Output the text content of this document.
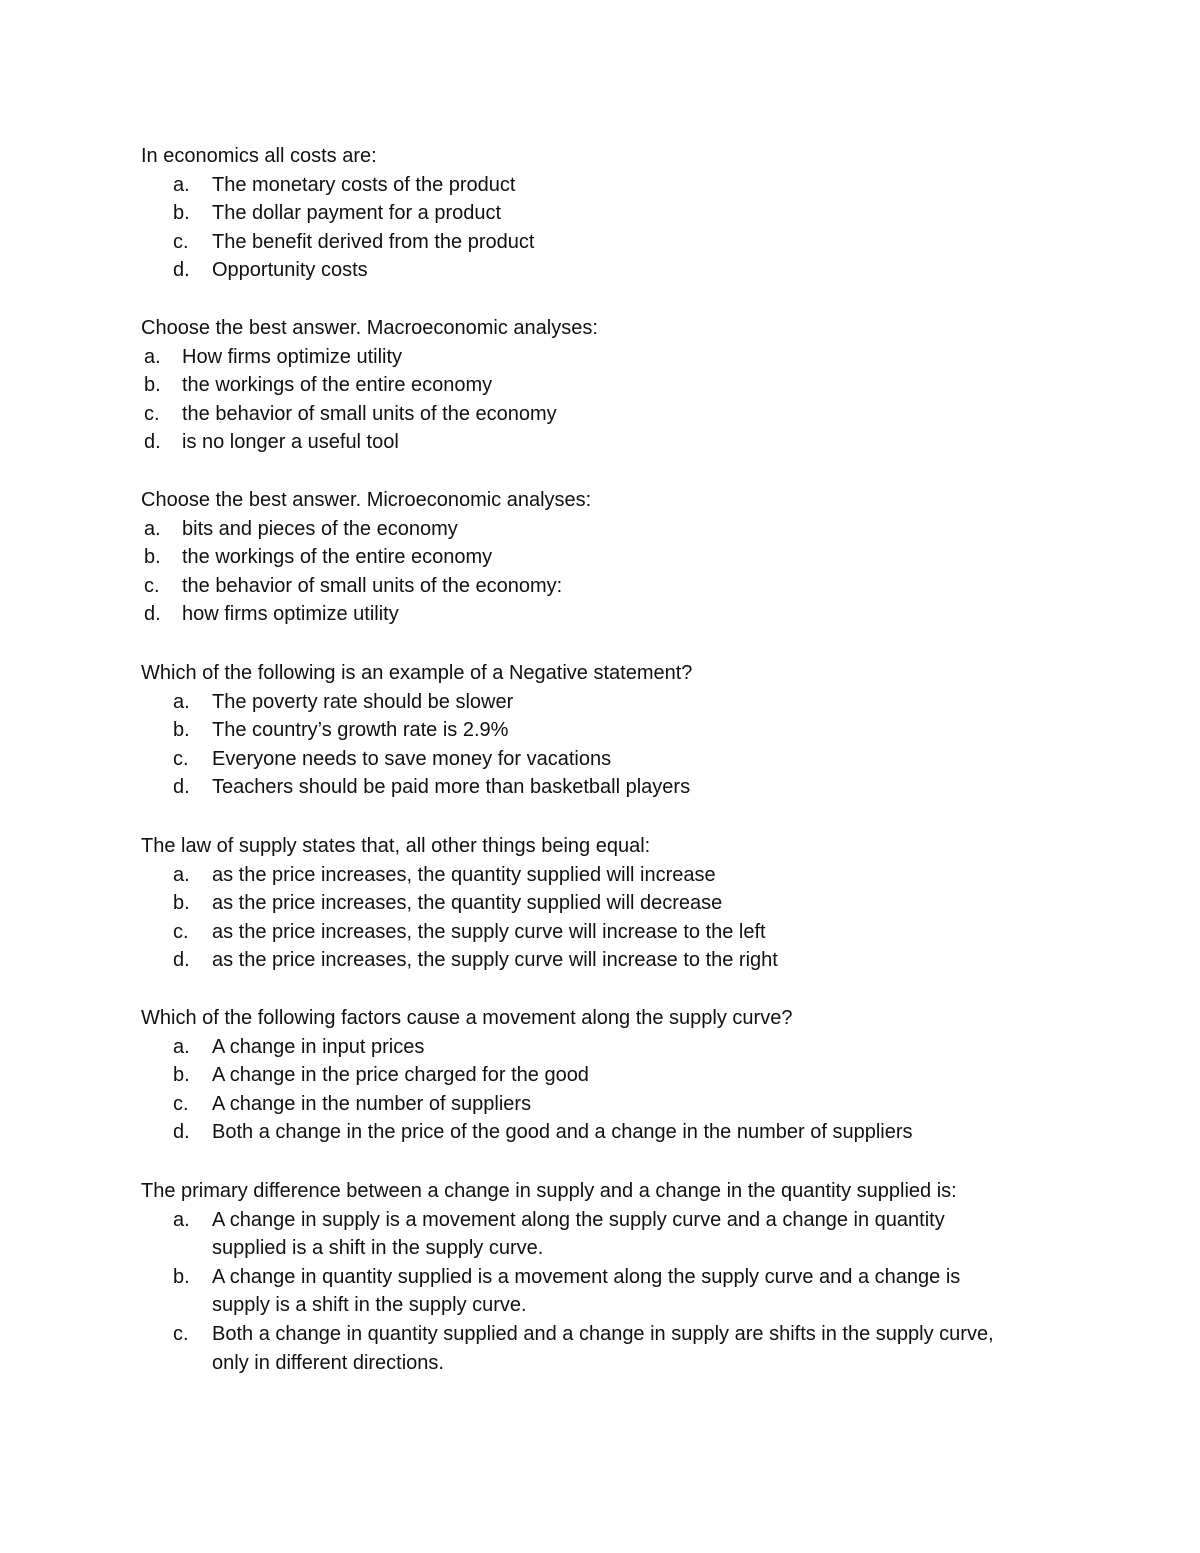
In economics all costs are:

a. The monetary costs of the product
b. The dollar payment for a product
c. The benefit derived from the product
d. Opportunity costs

Choose the best answer. Macroeconomic analyses:

a. How firms optimize utility
b. the workings of the entire economy
c. the behavior of small units of the economy
d. is no longer a useful tool

Choose the best answer. Microeconomic analyses:

a. bits and pieces of the economy
b. the workings of the entire economy
c. the behavior of small units of the economy:
d. how firms optimize utility

Which of the following is an example of a Negative statement?

a. The poverty rate should be slower
b. The country’s growth rate is 2.9%
c. Everyone needs to save money for vacations
d. Teachers should be paid more than basketball players

The law of supply states that, all other things being equal:

a. as the price increases, the quantity supplied will increase
b. as the price increases, the quantity supplied will decrease
c. as the price increases, the supply curve will increase to the left
d. as the price increases, the supply curve will increase to the right

Which of the following factors cause a movement along the supply curve?

a. A change in input prices
b. A change in the price charged for the good
c. A change in the number of suppliers
d. Both a change in the price of the good and a change in the number of suppliers

The primary difference between a change in supply and a change in the quantity supplied is:

a. A change in supply is a movement along the supply curve and a change in quantity supplied is a shift in the supply curve.
b. A change in quantity supplied is a movement along the supply curve and a change is supply is a shift in the supply curve.
c. Both a change in quantity supplied and a change in supply are shifts in the supply curve, only in different directions.
